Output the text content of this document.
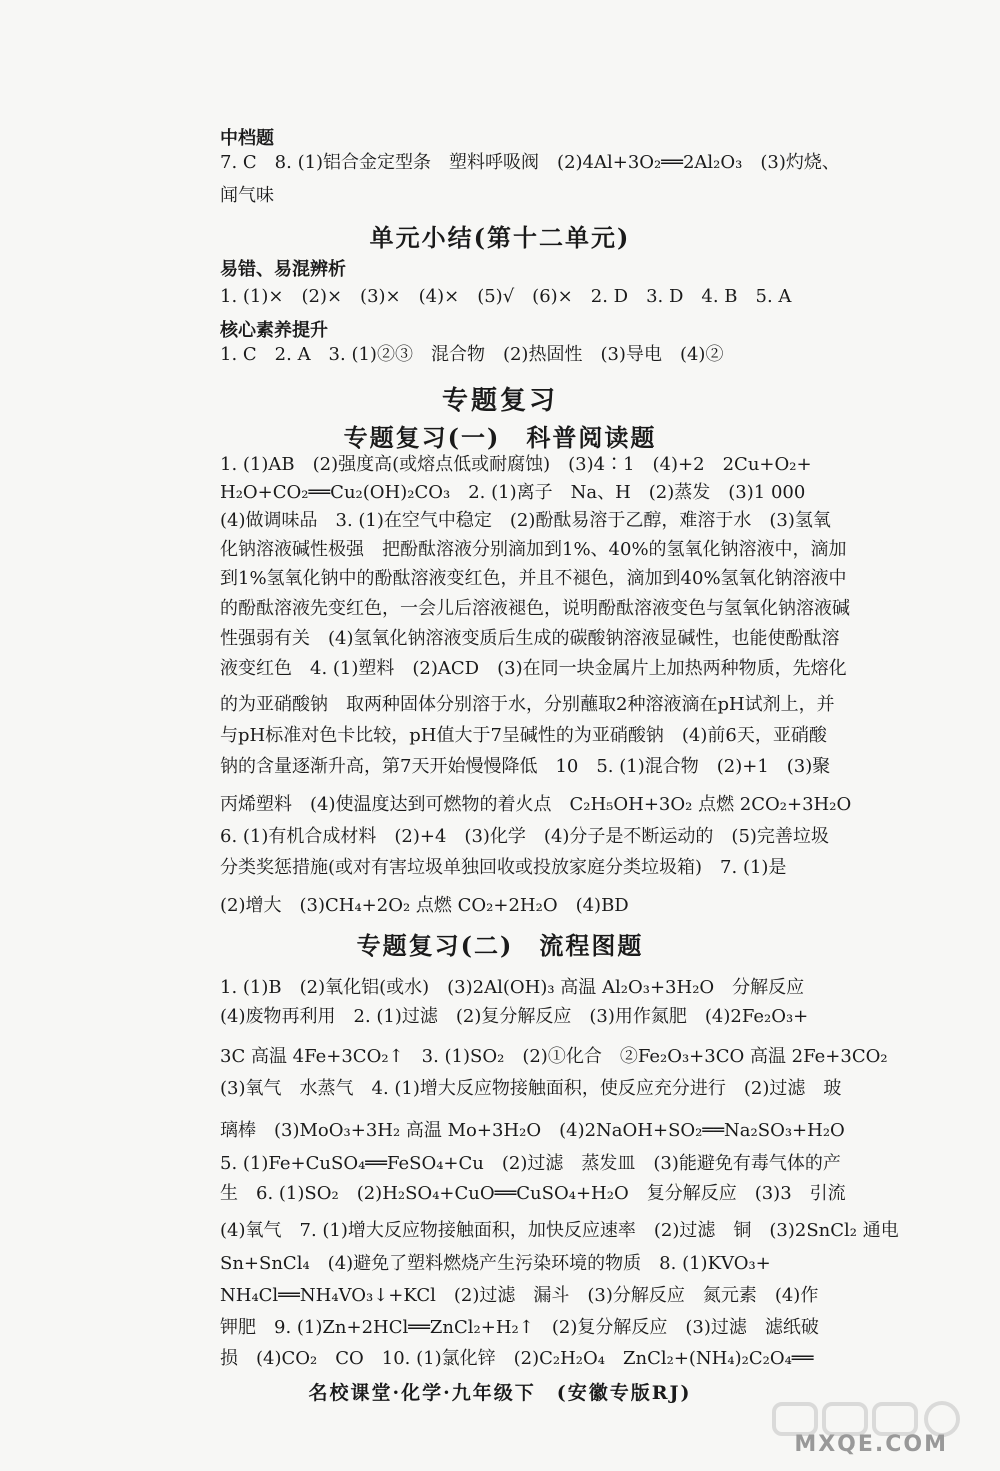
中档题
7. C　8. (1)铝合金定型条　塑料呼吸阀　(2)4Al+3O₂══2Al₂O₃　(3)灼烧、
闻气味
单元小结(第十二单元)
易错、易混辨析
1. (1)×　(2)×　(3)×　(4)×　(5)√　(6)×　2. D　3. D　4. B　5. A
核心素养提升
1. C　2. A　3. (1)②③　混合物　(2)热固性　(3)导电　(4)②
专题复习
专题复习(一)　科普阅读题
1. (1)AB　(2)强度高(或熔点低或耐腐蚀)　(3)4∶1　(4)+2　2Cu+O₂+
H₂O+CO₂══Cu₂(OH)₂CO₃　2. (1)离子　Na、H　(2)蒸发　(3)1 000
(4)做调味品　3. (1)在空气中稳定　(2)酚酞易溶于乙醇，难溶于水　(3)氢氧
化钠溶液碱性极强　把酚酞溶液分别滴加到1%、40%的氢氧化钠溶液中，滴加
到1%氢氧化钠中的酚酞溶液变红色，并且不褪色，滴加到40%氢氧化钠溶液中
的酚酞溶液先变红色，一会儿后溶液褪色，说明酚酞溶液变色与氢氧化钠溶液碱
性强弱有关　(4)氢氧化钠溶液变质后生成的碳酸钠溶液显碱性，也能使酚酞溶
液变红色　4. (1)塑料　(2)ACD　(3)在同一块金属片上加热两种物质，先熔化
的为亚硝酸钠　取两种固体分别溶于水，分别蘸取2种溶液滴在pH试剂上，并
与pH标准对色卡比较，pH值大于7呈碱性的为亚硝酸钠　(4)前6天，亚硝酸
钠的含量逐渐升高，第7天开始慢慢降低　10　5. (1)混合物　(2)+1　(3)聚
丙烯塑料　(4)使温度达到可燃物的着火点　C₂H₅OH+3O₂ 点燃 2CO₂+3H₂O
6. (1)有机合成材料　(2)+4　(3)化学　(4)分子是不断运动的　(5)完善垃圾
分类奖惩措施(或对有害垃圾单独回收或投放家庭分类垃圾箱)　7. (1)是
(2)增大　(3)CH₄+2O₂ 点燃 CO₂+2H₂O　(4)BD
专题复习(二)　流程图题
1. (1)B　(2)氧化铝(或水)　(3)2Al(OH)₃ 高温 Al₂O₃+3H₂O　分解反应
(4)废物再利用　2. (1)过滤　(2)复分解反应　(3)用作氮肥　(4)2Fe₂O₃+
3C 高温 4Fe+3CO₂↑　3. (1)SO₂　(2)①化合　②Fe₂O₃+3CO 高温 2Fe+3CO₂
(3)氧气　水蒸气　4. (1)增大反应物接触面积，使反应充分进行　(2)过滤　玻
璃棒　(3)MoO₃+3H₂ 高温 Mo+3H₂O　(4)2NaOH+SO₂══Na₂SO₃+H₂O
5. (1)Fe+CuSO₄══FeSO₄+Cu　(2)过滤　蒸发皿　(3)能避免有毒气体的产
生　6. (1)SO₂　(2)H₂SO₄+CuO══CuSO₄+H₂O　复分解反应　(3)3　引流
(4)氧气　7. (1)增大反应物接触面积，加快反应速率　(2)过滤　铜　(3)2SnCl₂ 通电
Sn+SnCl₄　(4)避免了塑料燃烧产生污染环境的物质　8. (1)KVO₃+
NH₄Cl══NH₄VO₃↓+KCl　(2)过滤　漏斗　(3)分解反应　氮元素　(4)作
钾肥　9. (1)Zn+2HCl══ZnCl₂+H₂↑　(2)复分解反应　(3)过滤　滤纸破
损　(4)CO₂　CO　10. (1)氯化锌　(2)C₂H₂O₄　ZnCl₂+(NH₄)₂C₂O₄══
名校课堂·化学·九年级下　(安徽专版RJ)
MXQE.COM
